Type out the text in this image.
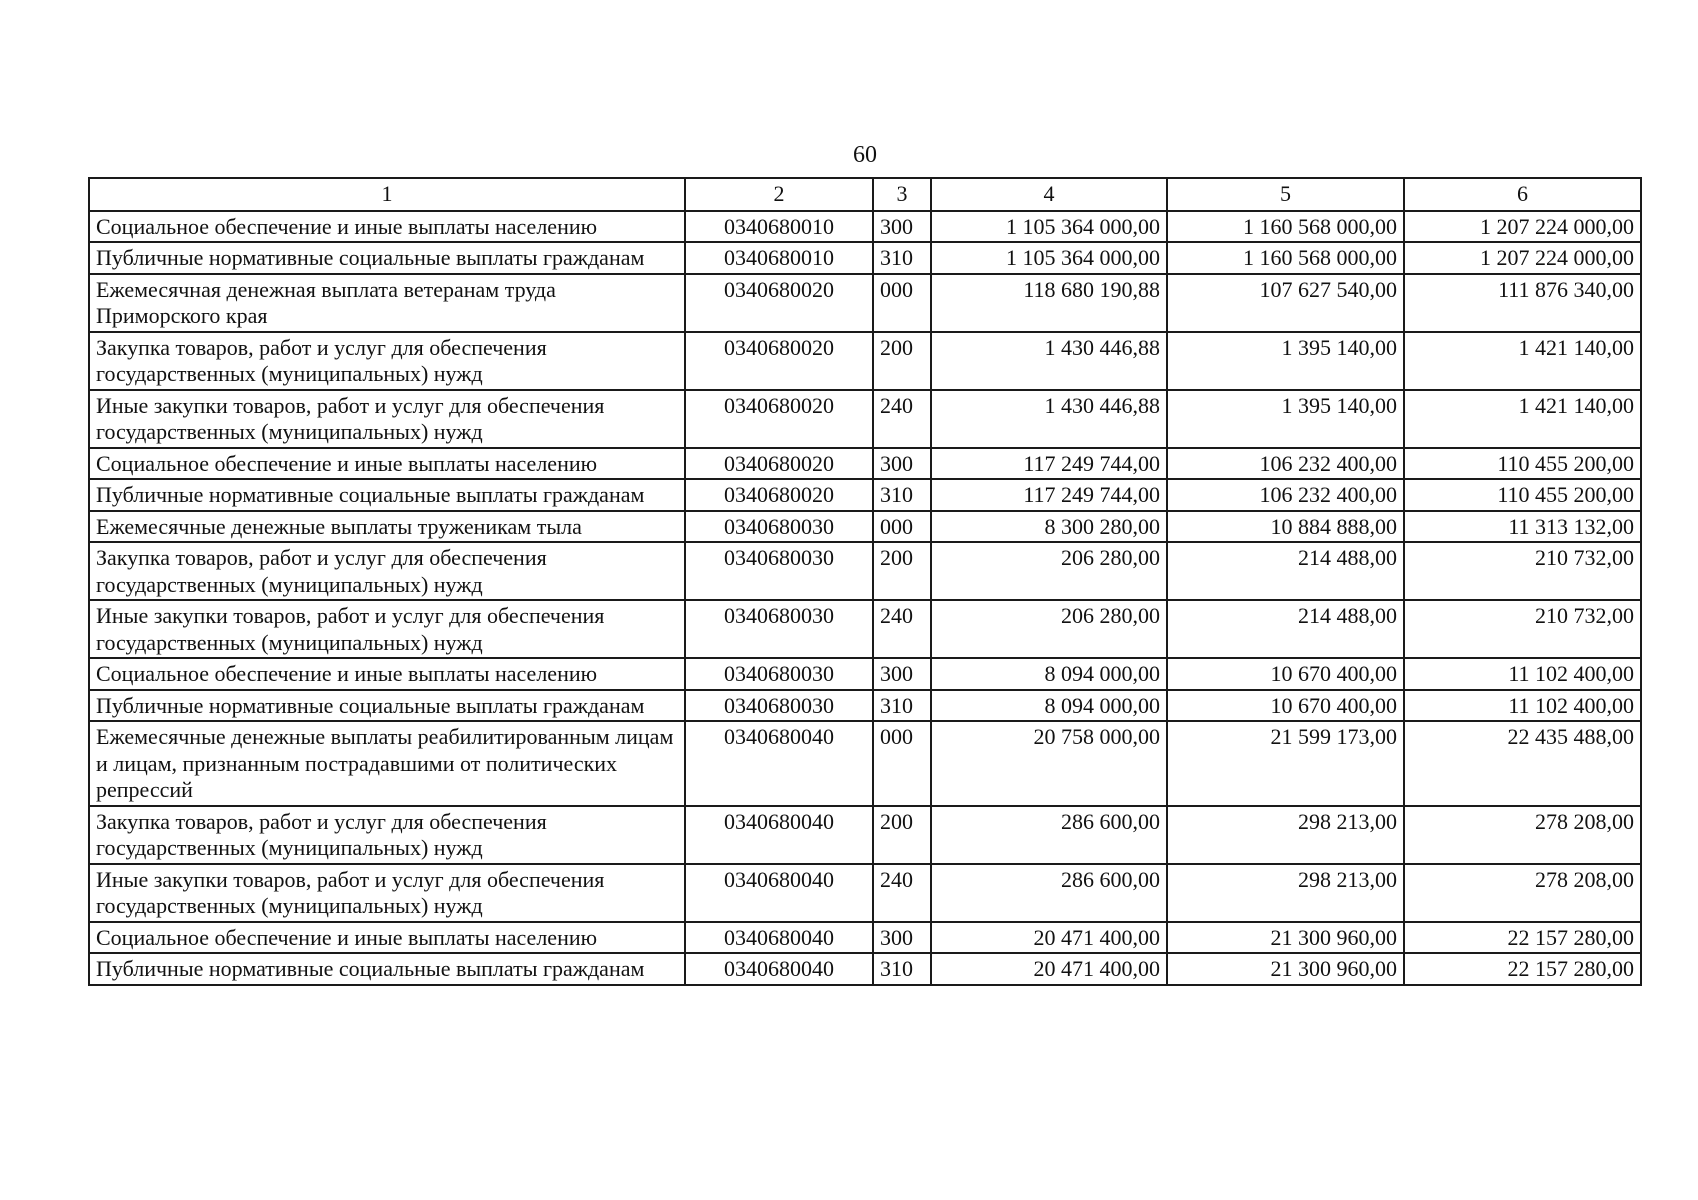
60
1	2	3	4	5	6
Социальное обеспечение и иные выплаты населению	0340680010	300	1 105 364 000,00	1 160 568 000,00	1 207 224 000,00
Публичные нормативные социальные выплаты гражданам	0340680010	310	1 105 364 000,00	1 160 568 000,00	1 207 224 000,00
Ежемесячная денежная выплата ветеранам труда Приморского края	0340680020	000	118 680 190,88	107 627 540,00	111 876 340,00
Закупка товаров, работ и услуг для обеспечения государственных (муниципальных) нужд	0340680020	200	1 430 446,88	1 395 140,00	1 421 140,00
Иные закупки товаров, работ и услуг для обеспечения государственных (муниципальных) нужд	0340680020	240	1 430 446,88	1 395 140,00	1 421 140,00
Социальное обеспечение и иные выплаты населению	0340680020	300	117 249 744,00	106 232 400,00	110 455 200,00
Публичные нормативные социальные выплаты гражданам	0340680020	310	117 249 744,00	106 232 400,00	110 455 200,00
Ежемесячные денежные выплаты труженикам тыла	0340680030	000	8 300 280,00	10 884 888,00	11 313 132,00
Закупка товаров, работ и услуг для обеспечения государственных (муниципальных) нужд	0340680030	200	206 280,00	214 488,00	210 732,00
Иные закупки товаров, работ и услуг для обеспечения государственных (муниципальных) нужд	0340680030	240	206 280,00	214 488,00	210 732,00
Социальное обеспечение и иные выплаты населению	0340680030	300	8 094 000,00	10 670 400,00	11 102 400,00
Публичные нормативные социальные выплаты гражданам	0340680030	310	8 094 000,00	10 670 400,00	11 102 400,00
Ежемесячные денежные выплаты реабилитированным лицам и лицам, признанным пострадавшими от политических репрессий	0340680040	000	20 758 000,00	21 599 173,00	22 435 488,00
Закупка товаров, работ и услуг для обеспечения государственных (муниципальных) нужд	0340680040	200	286 600,00	298 213,00	278 208,00
Иные закупки товаров, работ и услуг для обеспечения государственных (муниципальных) нужд	0340680040	240	286 600,00	298 213,00	278 208,00
Социальное обеспечение и иные выплаты населению	0340680040	300	20 471 400,00	21 300 960,00	22 157 280,00
Публичные нормативные социальные выплаты гражданам	0340680040	310	20 471 400,00	21 300 960,00	22 157 280,00
